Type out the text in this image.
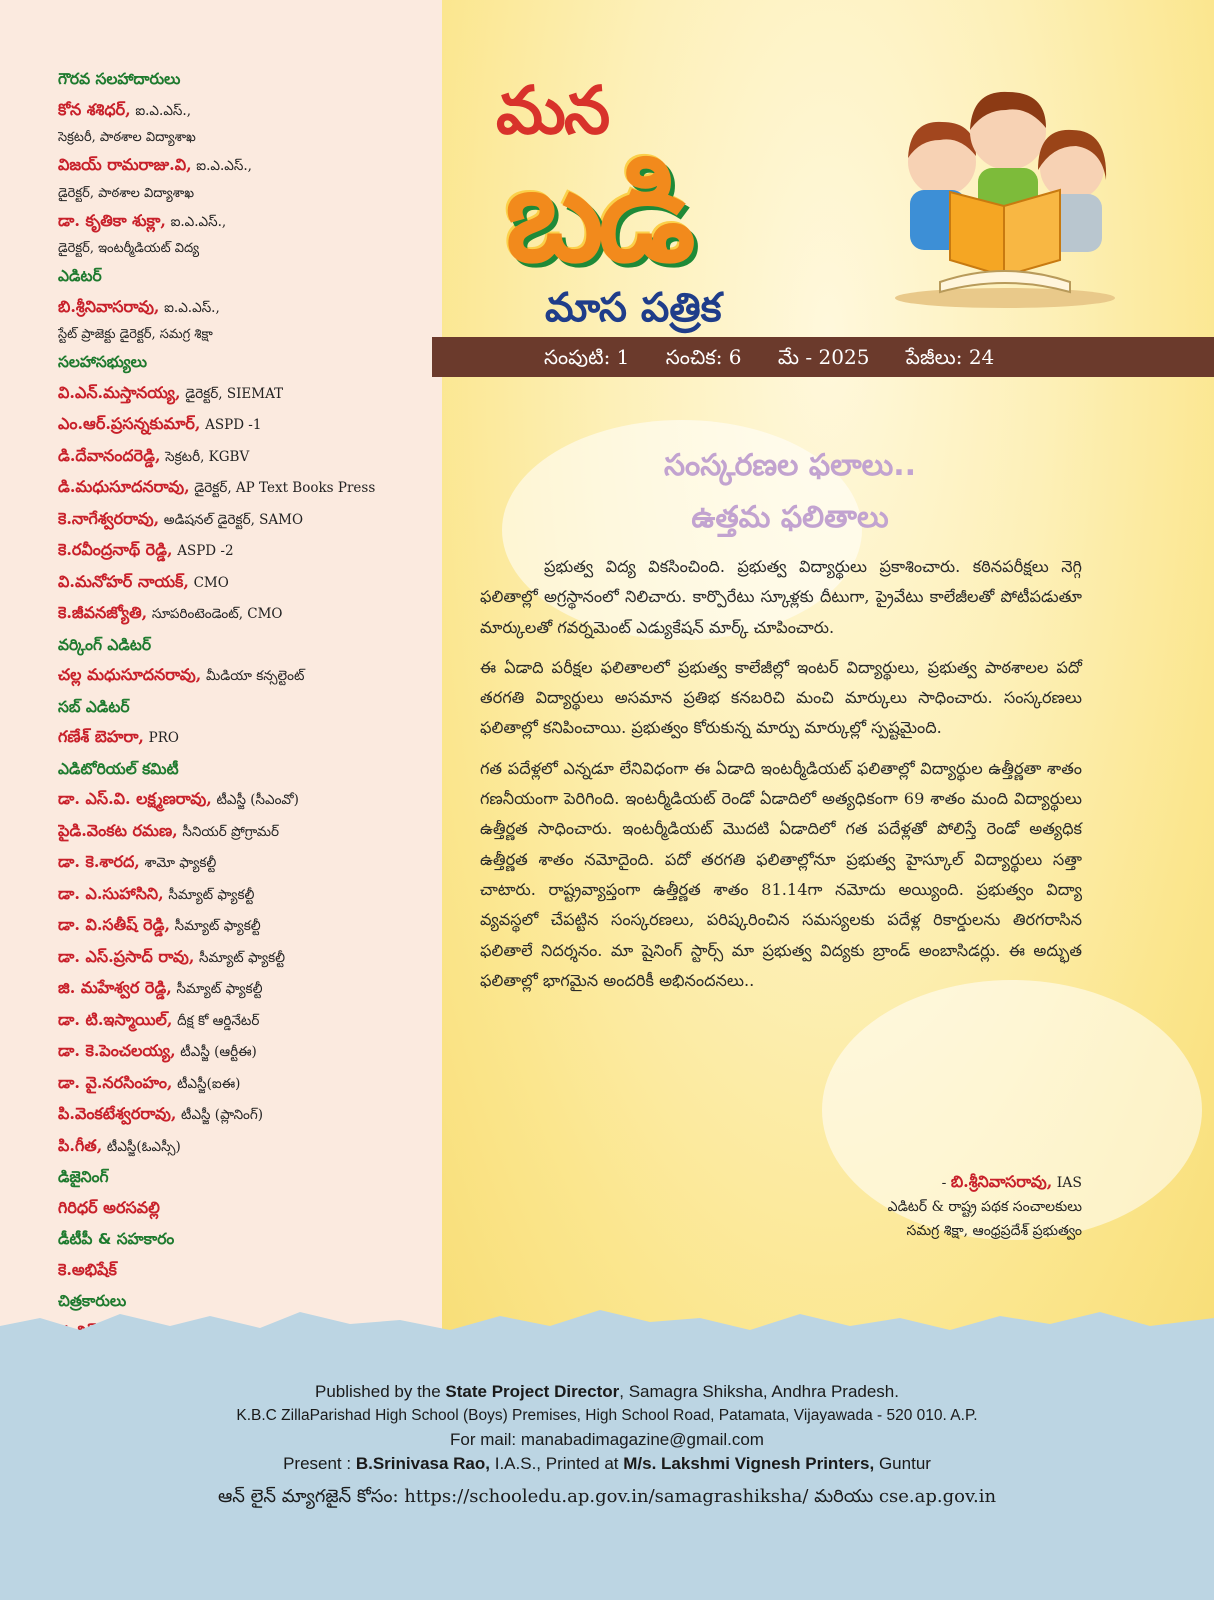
గౌరవ సలహాదారులు
కోన శశిధర్, ఐ.ఎ.ఎస్.,
సెక్రటరీ, పాఠశాల విద్యాశాఖ
విజయ్ రామరాజు.వి, ఐ.ఎ.ఎస్.,
డైరెక్టర్, పాఠశాల విద్యాశాఖ
డా. కృతికా శుక్లా, ఐ.ఎ.ఎస్.,
డైరెక్టర్, ఇంటర్మీడియట్ విద్య
ఎడిటర్
బి.శ్రీనివాసరావు, ఐ.ఎ.ఎస్.,
స్టేట్ ప్రాజెక్టు డైరెక్టర్, సమగ్ర శిక్షా
సలహాసభ్యులు
వి.ఎన్.మస్తానయ్య, డైరెక్టర్, SIEMAT
ఎం.ఆర్.ప్రసన్నకుమార్, ASPD -1
డి.దేవానందరెడ్డి, సెక్రటరీ, KGBV
డి.మధుసూదనరావు, డైరెక్టర్, AP Text Books Press
కె.నాగేశ్వరరావు, అడిషనల్ డైరెక్టర్, SAMO
కె.రవీంద్రనాథ్ రెడ్డి, ASPD -2
వి.మనోహర్ నాయక్, CMO
కె.జీవనజ్యోతి, సూపరింటెండెంట్, CMO
వర్కింగ్ ఎడిటర్
చల్ల మధుసూదనరావు, మీడియా కన్సల్టెంట్
సబ్ ఎడిటర్
గణేశ్ బెహరా, PRO
ఎడిటోరియల్ కమిటీ
డా. ఎస్.వి. లక్ష్మణరావు, టీఎస్జీ (సీఎంవో)
పైడి.వెంకట రమణ, సీనియర్ ప్రోగ్రామర్
డా. కె.శారద, శామో ఫ్యాకల్టీ
డా. ఎ.సుహాసిని, సీమ్యాట్ ఫ్యాకల్టీ
డా. వి.సతీష్ రెడ్డి, సీమ్యాట్ ఫ్యాకల్టీ
డా. ఎస్.ప్రసాద్ రావు, సీమ్యాట్ ఫ్యాకల్టీ
జి. మహేశ్వర రెడ్డి, సీమ్యాట్ ఫ్యాకల్టీ
డా. టి.ఇస్మాయిల్, దీక్ష కో ఆర్డినేటర్
డా. కె.పెంచలయ్య, టీఎస్జీ (ఆర్టీఈ)
డా. వై.నరసింహం, టీఎస్జీ(ఐఈ)
పి.వెంకటేశ్వరరావు, టీఎస్జీ (ప్లానింగ్)
పి.గీత, టీఎస్జీ(ఓఎస్సీ)
డిజైనింగ్
గిరిధర్ అరసవల్లి
డీటీపీ & సహకారం
కె.అభిషేక్
చిత్రకారులు
మన
బడి
మాస పత్రిక
సంపుటి: 1 సంచిక: 6 మే - 2025 పేజీలు: 24
సంస్కరణల ఫలాలు..
ఉత్తమ ఫలితాలు

ప్రభుత్వ విద్య వికసించింది. ప్రభుత్వ విద్యార్థులు ప్రకాశించారు. కఠినపరీక్షలు నెగ్గి ఫలితాల్లో అగ్రస్థానంలో నిలిచారు. కార్పొరేటు స్కూళ్లకు దీటుగా, ప్రైవేటు కాలేజీలతో పోటీపడుతూ మార్కులతో గవర్నమెంట్ ఎడ్యుకేషన్ మార్క్ చూపించారు.

ఈ ఏడాది పరీక్షల ఫలితాలలో ప్రభుత్వ కాలేజీల్లో ఇంటర్ విద్యార్థులు, ప్రభుత్వ పాఠశాలల పదో తరగతి విద్యార్థులు అసమాన ప్రతిభ కనబరిచి మంచి మార్కులు సాధించారు. సంస్కరణలు ఫలితాల్లో కనిపించాయి. ప్రభుత్వం కోరుకున్న మార్పు మార్కుల్లో స్పష్టమైంది.

గత పదేళ్లలో ఎన్నడూ లేనివిధంగా ఈ ఏడాది ఇంటర్మీడియట్ ఫలితాల్లో విద్యార్థుల ఉత్తీర్ణతా శాతం గణనీయంగా పెరిగింది. ఇంటర్మీడియట్ రెండో ఏడాదిలో అత్యధికంగా 69 శాతం మంది విద్యార్థులు ఉత్తీర్ణత సాధించారు. ఇంటర్మీడియట్ మొదటి ఏడాదిలో గత పదేళ్లతో పోలిస్తే రెండో అత్యధిక ఉత్తీర్ణత శాతం నమోదైంది. పదో తరగతి ఫలితాల్లోనూ ప్రభుత్వ హైస్కూల్ విద్యార్థులు సత్తా చాటారు. రాష్ట్రవ్యాప్తంగా ఉత్తీర్ణత శాతం 81.14గా నమోదు అయ్యింది. ప్రభుత్వం విద్యా వ్యవస్థలో చేపట్టిన సంస్కరణలు, పరిష్కరించిన సమస్యలకు పదేళ్ల రికార్డులను తిరగరాసిన ఫలితాలే నిదర్శనం. మా షైనింగ్ స్టార్స్ మా ప్రభుత్వ విద్యకు బ్రాండ్ అంబాసిడర్లు. ఈ అద్భుత ఫలితాల్లో భాగమైన అందరికీ అభినందనలు..

- బి.శ్రీనివాసరావు, IAS
ఎడిటర్ & రాష్ట్ర పథక సంచాలకులు
సమగ్ర శిక్షా, ఆంధ్రప్రదేశ్ ప్రభుత్వం
Published by the State Project Director, Samagra Shiksha, Andhra Pradesh.
K.B.C ZillaParishad High School (Boys) Premises, High School Road, Patamata, Vijayawada - 520 010. A.P.
For mail: manabadimagazine@gmail.com
Present : B.Srinivasa Rao, I.A.S., Printed at M/s. Lakshmi Vignesh Printers, Guntur
ఆన్ లైన్ మ్యాగజైన్ కోసం: https://schooledu.ap.gov.in/samagrashiksha/ మరియు cse.ap.gov.in
